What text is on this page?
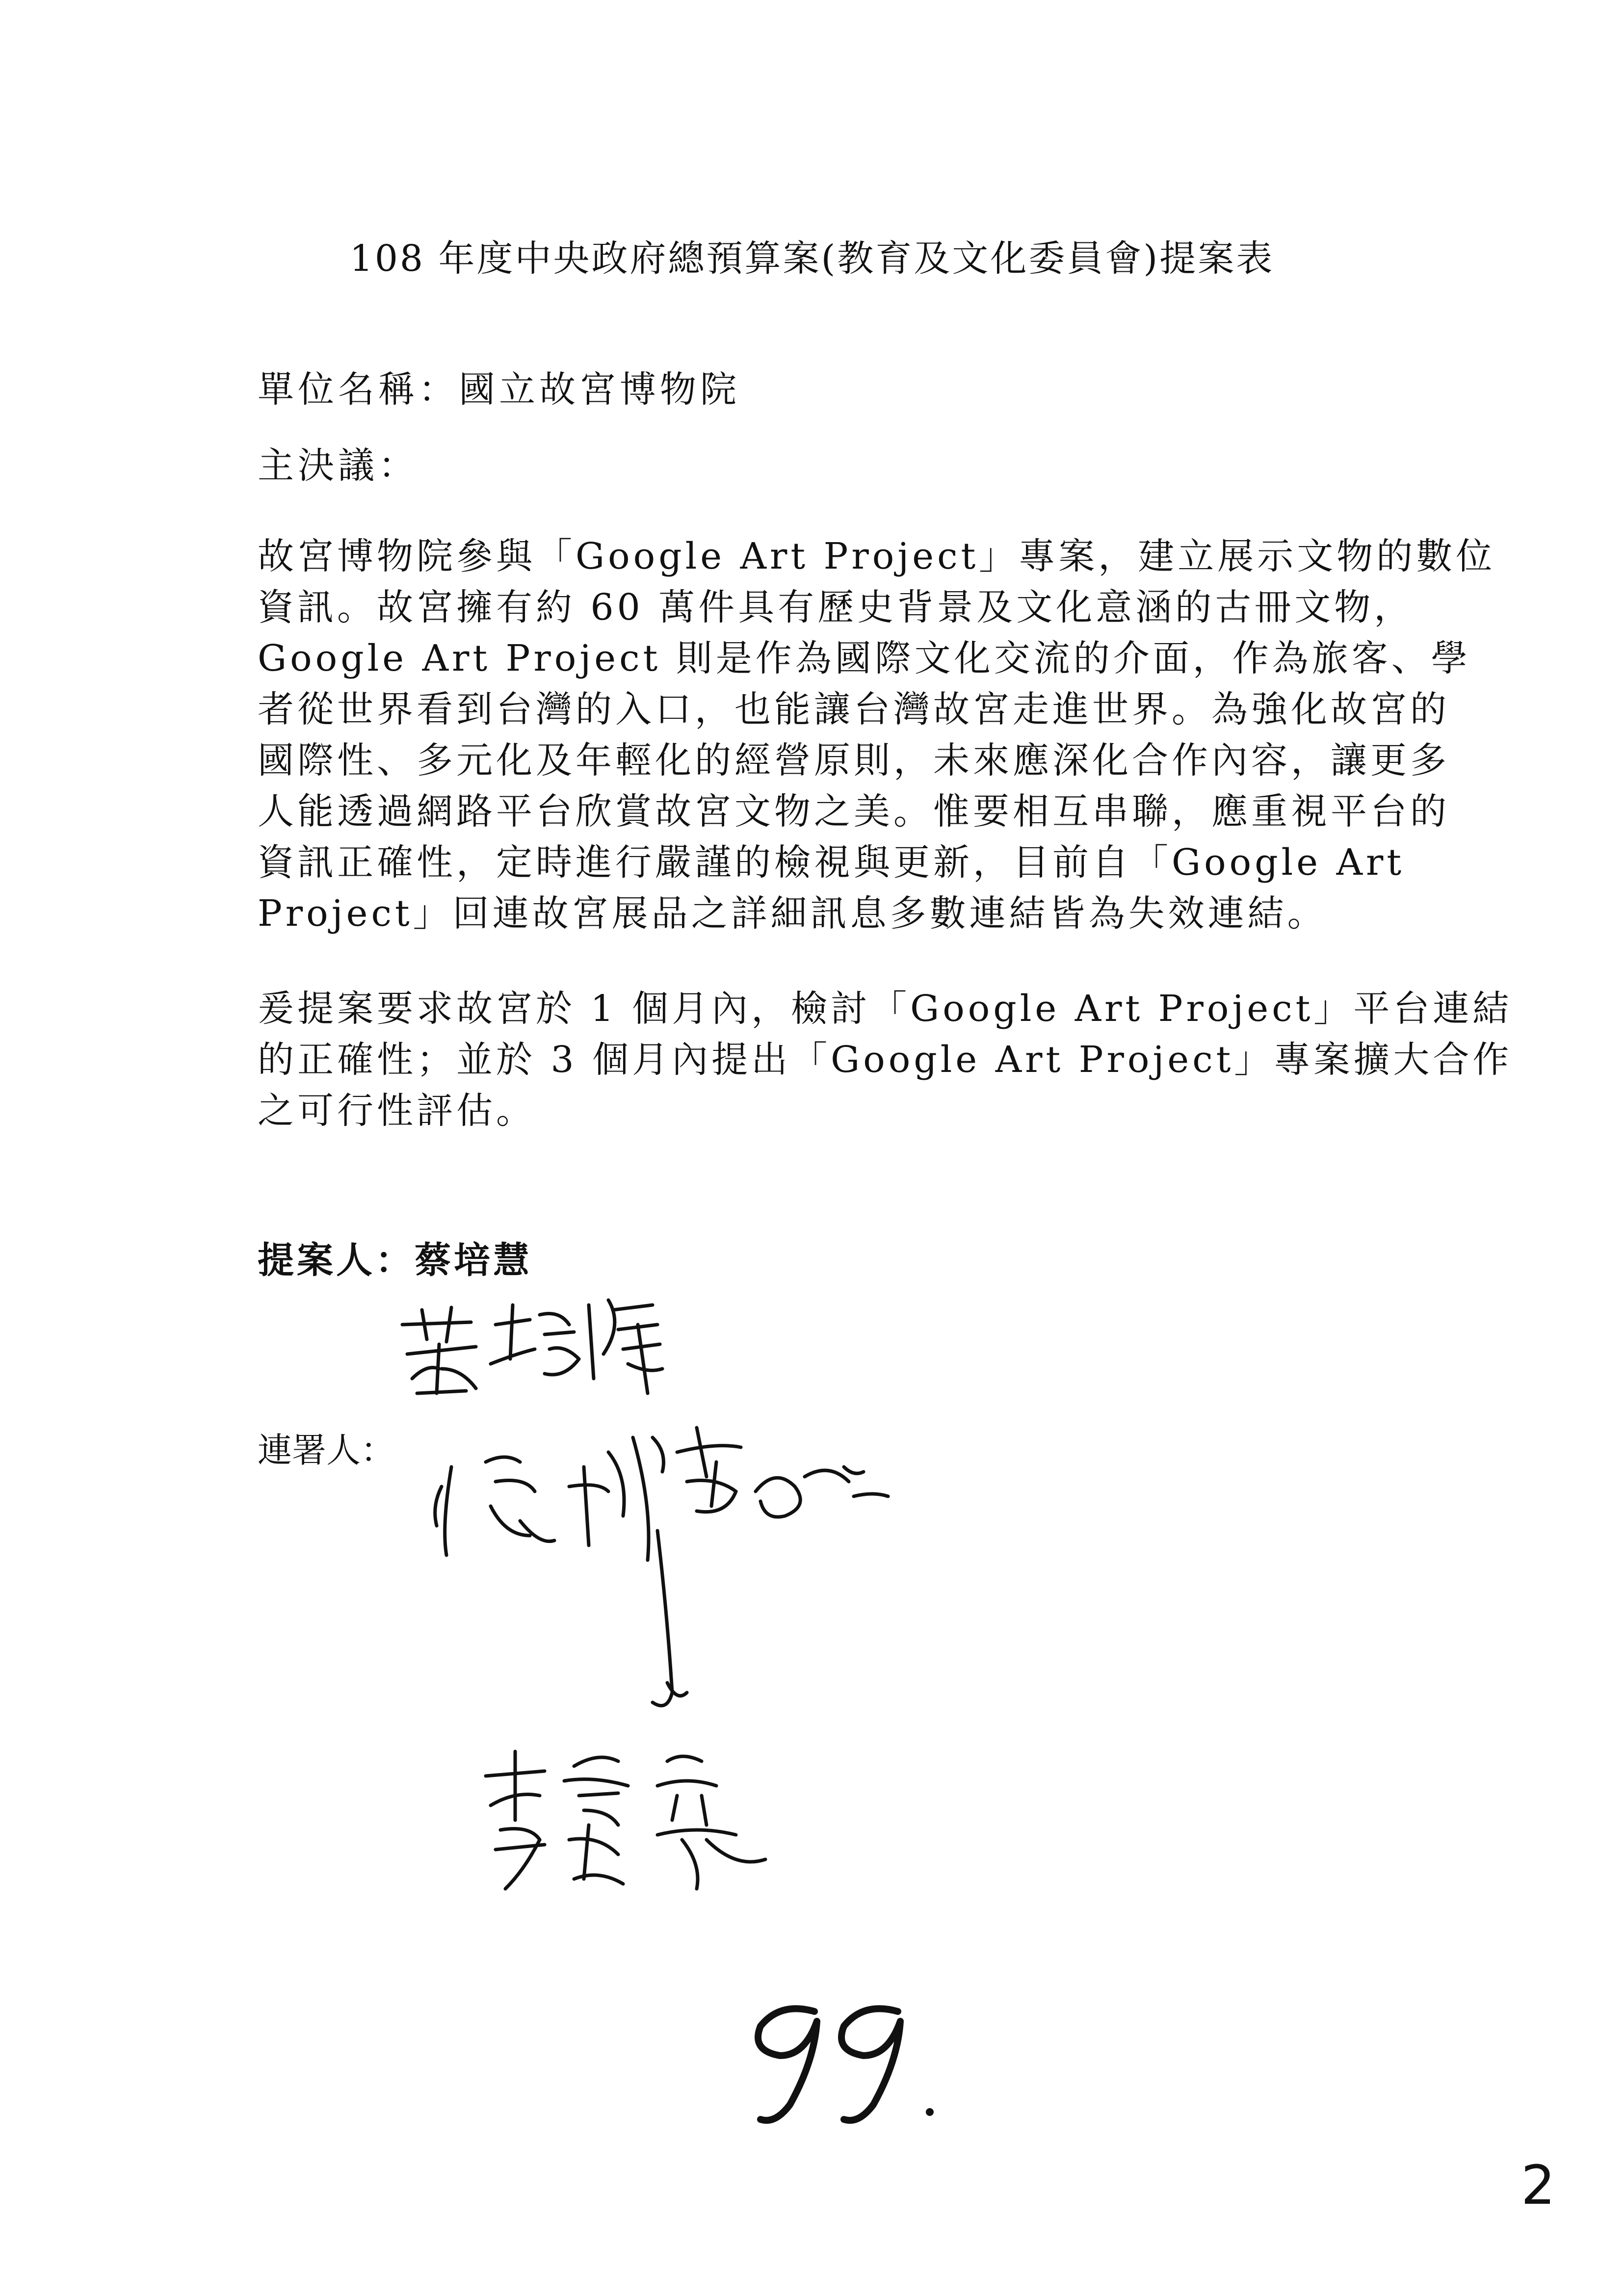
108 年度中央政府總預算案(教育及文化委員會)提案表
單位名稱：國立故宮博物院
主決議：
故宮博物院參與「Google Art Project」專案，建立展示文物的數位
資訊。故宮擁有約 60 萬件具有歷史背景及文化意涵的古冊文物，
Google Art Project 則是作為國際文化交流的介面，作為旅客、學
者從世界看到台灣的入口，也能讓台灣故宮走進世界。為強化故宮的
國際性、多元化及年輕化的經營原則，未來應深化合作內容，讓更多
人能透過網路平台欣賞故宮文物之美。惟要相互串聯，應重視平台的
資訊正確性，定時進行嚴謹的檢視與更新，目前自「Google Art
Project」回連故宮展品之詳細訊息多數連結皆為失效連結。
爰提案要求故宮於 1 個月內，檢討「Google Art Project」平台連結
的正確性；並於 3 個月內提出「Google Art Project」專案擴大合作
之可行性評估。
提案人：蔡培慧
連署人：
2
